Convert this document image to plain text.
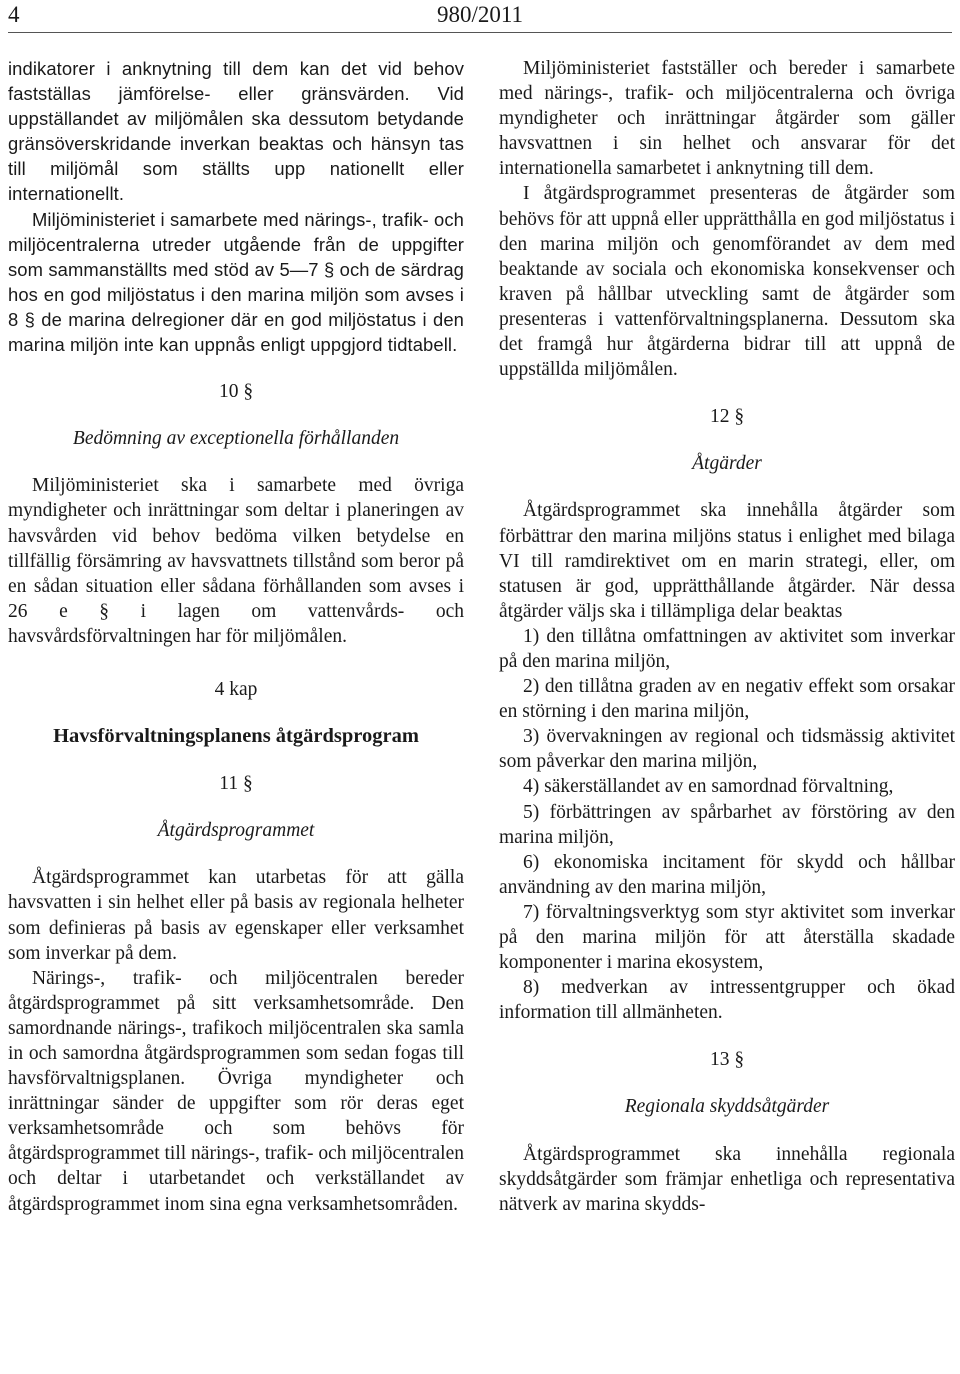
4	980/2011

indikatorer i anknytning till dem kan det vid behov fastställas jämförelse- eller gränsvärden. Vid uppställandet av miljömålen ska dessutom betydande gränsöverskridande inverkan beaktas och hänsyn tas till miljömål som ställts upp nationellt eller internationellt.

Miljöministeriet i samarbete med närings-, trafik- och miljöcentralerna utreder utgående från de uppgifter som sammanställts med stöd av 5—7 § och de särdrag hos en god miljöstatus i den marina miljön som avses i 8 § de marina delregioner där en god miljöstatus i den marina miljön inte kan uppnås enligt uppgjord tidtabell.

10 §
Bedömning av exceptionella förhållanden

Miljöministeriet ska i samarbete med övriga myndigheter och inrättningar som deltar i planeringen av havsvården vid behov bedöma vilken betydelse en tillfällig försämring av havsvattnets tillstånd som beror på en sådan situation eller sådana förhållanden som avses i 26 e § i lagen om vattenvårds- och havsvårdsförvaltningen har för miljömålen.

4 kap
Havsförvaltningsplanens åtgärdsprogram
11 §
Åtgärdsprogrammet

Åtgärdsprogrammet kan utarbetas för att gälla havsvatten i sin helhet eller på basis av regionala helheter som definieras på basis av egenskaper eller verksamhet som inverkar på dem.

Närings-, trafik- och miljöcentralen bereder åtgärdsprogrammet på sitt verksamhetsområde. Den samordnande närings-, trafikoch miljöcentralen ska samla in och samordna åtgärdsprogrammen som sedan fogas till havsförvaltnigsplanen. Övriga myndigheter och inrättningar sänder de uppgifter som rör deras eget verksamhetsområde och som behövs för åtgärdsprogrammet till närings-, trafik- och miljöcentralen och deltar i utarbetandet och verkställandet av åtgärdsprogrammet inom sina egna verksamhetsområden.

Miljöministeriet fastställer och bereder i samarbete med närings-, trafik- och miljöcentralerna och övriga myndigheter och inrättningar åtgärder som gäller havsvattnen i sin helhet och ansvarar för det internationella samarbetet i anknytning till dem.

I åtgärdsprogrammet presenteras de åtgärder som behövs för att uppnå eller upprätthålla en god miljöstatus i den marina miljön och genomförandet av dem med beaktande av sociala och ekonomiska konsekvenser och kraven på hållbar utveckling samt de åtgärder som presenteras i vattenförvaltningsplanerna. Dessutom ska det framgå hur åtgärderna bidrar till att uppnå de uppställda miljömålen.

12 §
Åtgärder

Åtgärdsprogrammet ska innehålla åtgärder som förbättrar den marina miljöns status i enlighet med bilaga VI till ramdirektivet om en marin strategi, eller, om statusen är god, upprätthållande åtgärder. När dessa åtgärder väljs ska i tillämpliga delar beaktas

1) den tillåtna omfattningen av aktivitet som inverkar på den marina miljön,

2) den tillåtna graden av en negativ effekt som orsakar en störning i den marina miljön,

3) övervakningen av regional och tidsmässig aktivitet som påverkar den marina miljön,

4) säkerställandet av en samordnad förvaltning,

5) förbättringen av spårbarhet av förstöring av den marina miljön,

6) ekonomiska incitament för skydd och hållbar användning av den marina miljön,

7) förvaltningsverktyg som styr aktivitet som inverkar på den marina miljön för att återställa skadade komponenter i marina ekosystem,

8) medverkan av intressentgrupper och ökad information till allmänheten.

13 §
Regionala skyddsåtgärder

Åtgärdsprogrammet ska innehålla regionala skyddsåtgärder som främjar enhetliga och representativa nätverk av marina skydds-
